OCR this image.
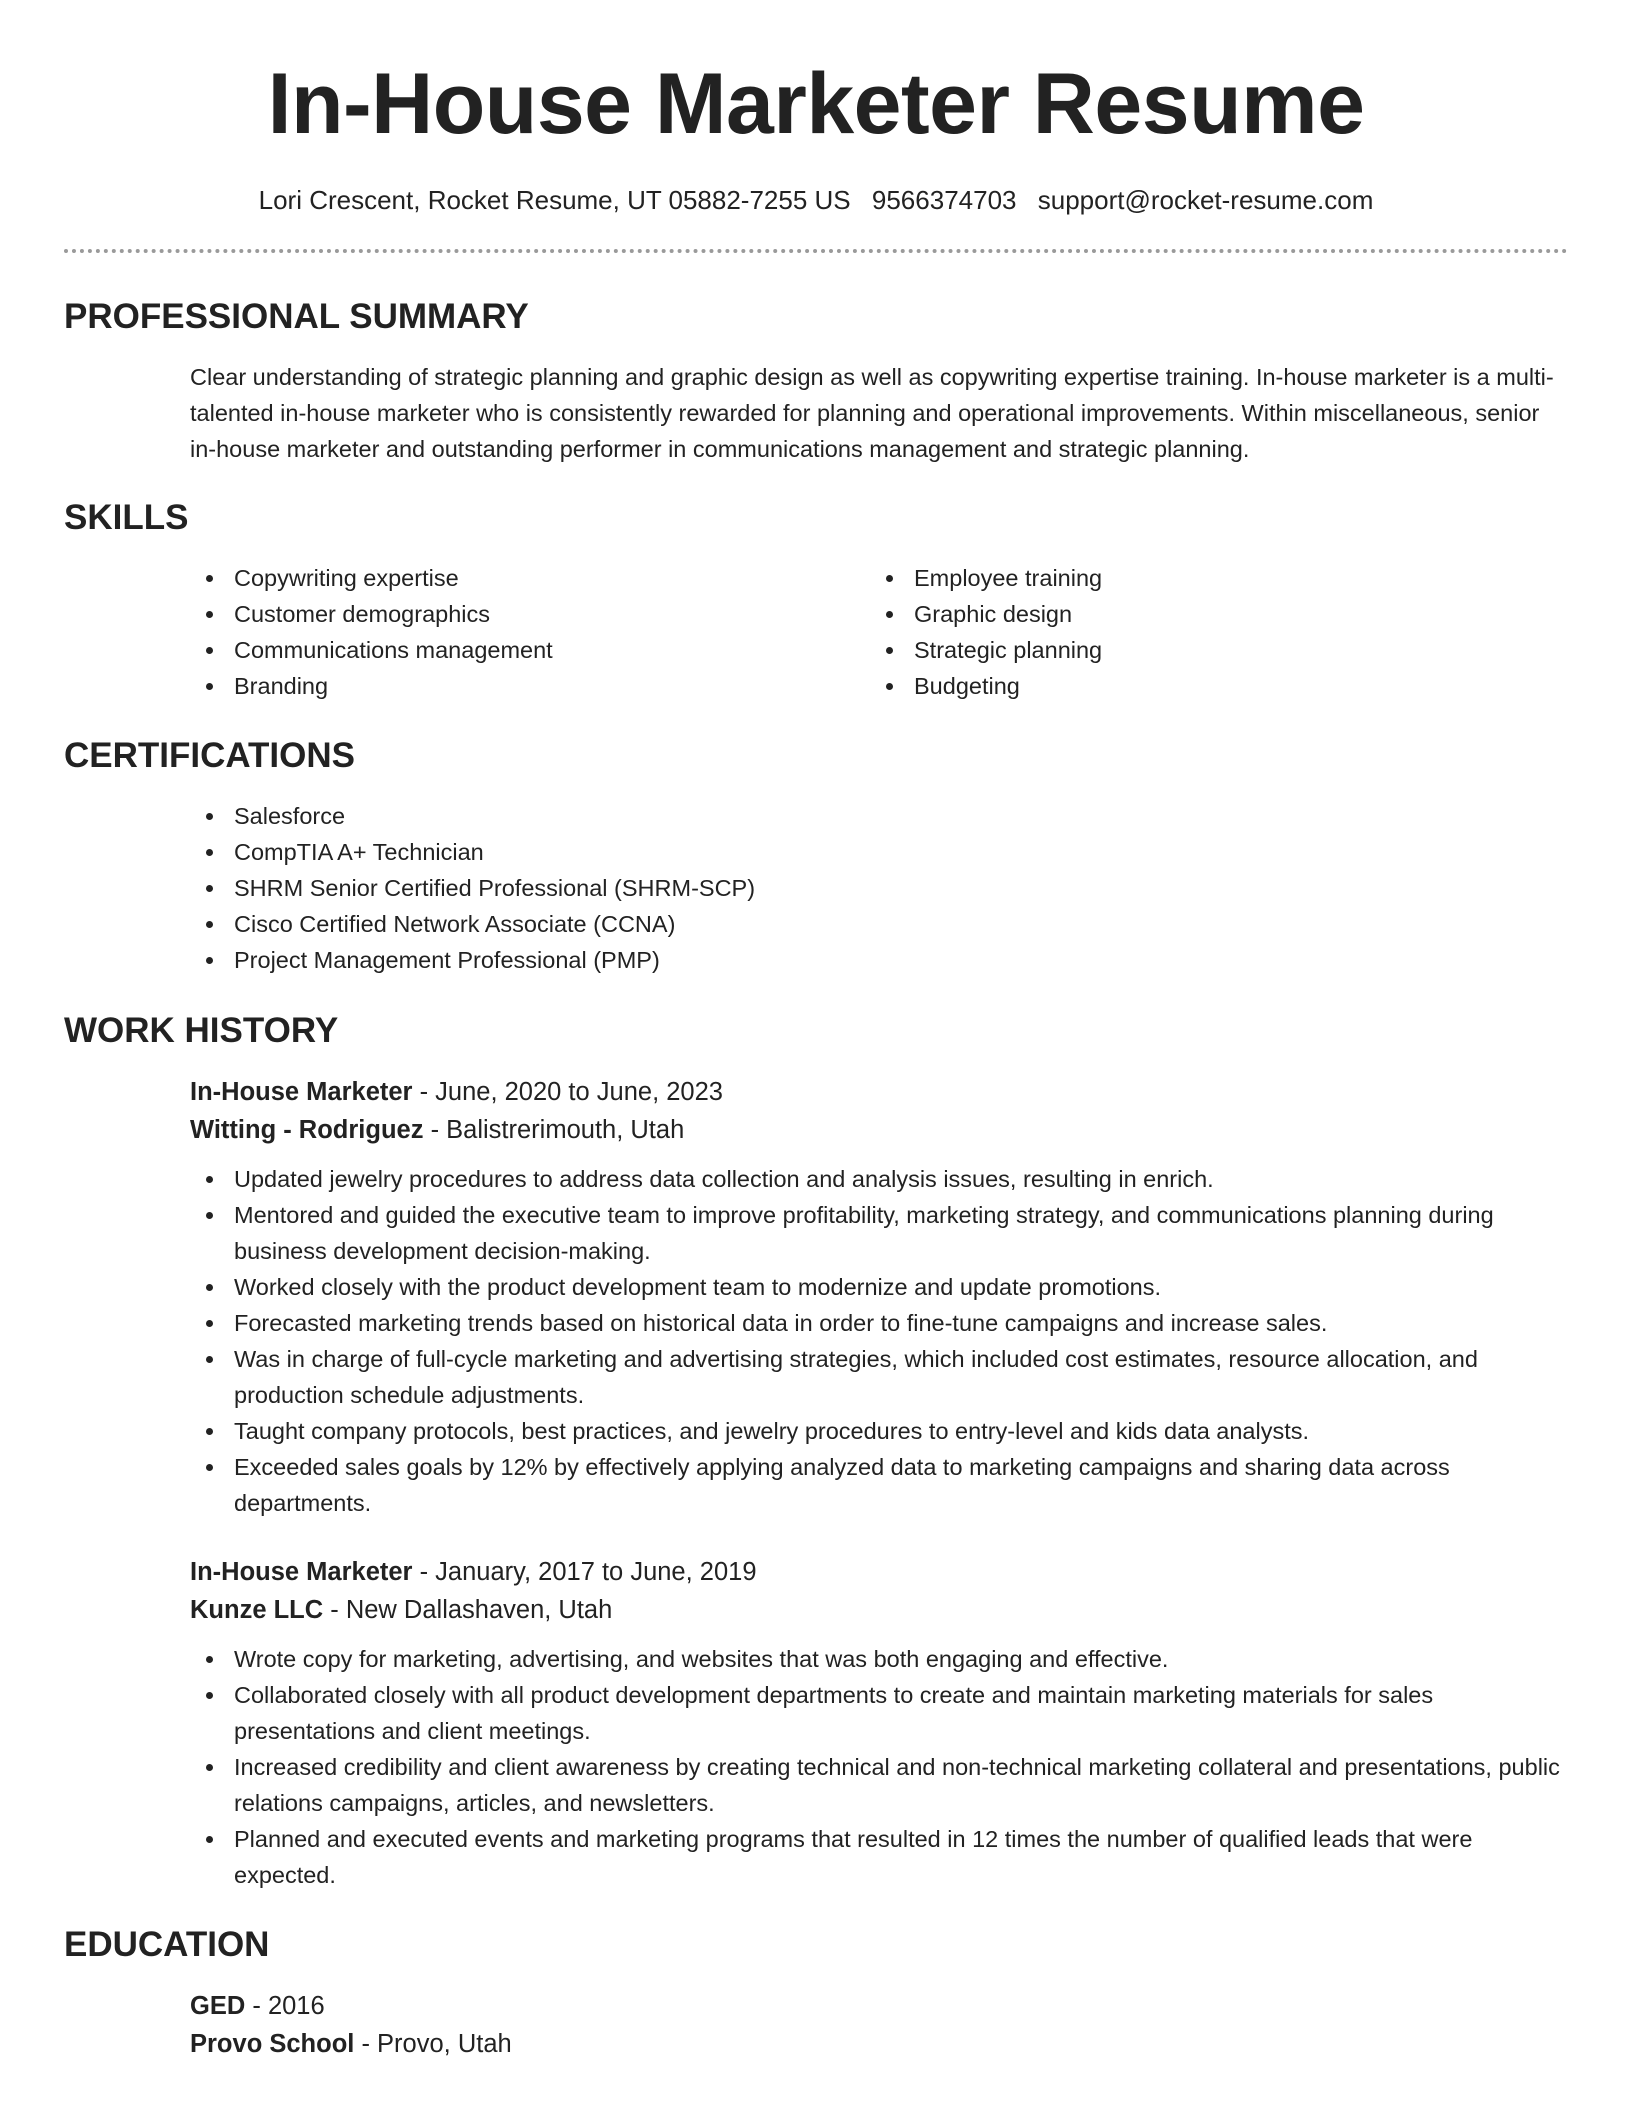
In-House Marketer Resume
Lori Crescent, Rocket Resume, UT 05882-7255 US 9566374703 support@rocket-resume.com
PROFESSIONAL SUMMARY
Clear understanding of strategic planning and graphic design as well as copywriting expertise training. In-house marketer is a multi-talented in-house marketer who is consistently rewarded for planning and operational improvements. Within miscellaneous, senior in-house marketer and outstanding performer in communications management and strategic planning.
SKILLS
Copywriting expertise
Customer demographics
Communications management
Branding
Employee training
Graphic design
Strategic planning
Budgeting
CERTIFICATIONS
Salesforce
CompTIA A+ Technician
SHRM Senior Certified Professional (SHRM-SCP)
Cisco Certified Network Associate (CCNA)
Project Management Professional (PMP)
WORK HISTORY
In-House Marketer - June, 2020 to June, 2023
Witting - Rodriguez - Balistrerimouth, Utah
Updated jewelry procedures to address data collection and analysis issues, resulting in enrich.
Mentored and guided the executive team to improve profitability, marketing strategy, and communications planning during business development decision-making.
Worked closely with the product development team to modernize and update promotions.
Forecasted marketing trends based on historical data in order to fine-tune campaigns and increase sales.
Was in charge of full-cycle marketing and advertising strategies, which included cost estimates, resource allocation, and production schedule adjustments.
Taught company protocols, best practices, and jewelry procedures to entry-level and kids data analysts.
Exceeded sales goals by 12% by effectively applying analyzed data to marketing campaigns and sharing data across departments.
In-House Marketer - January, 2017 to June, 2019
Kunze LLC - New Dallashaven, Utah
Wrote copy for marketing, advertising, and websites that was both engaging and effective.
Collaborated closely with all product development departments to create and maintain marketing materials for sales presentations and client meetings.
Increased credibility and client awareness by creating technical and non-technical marketing collateral and presentations, public relations campaigns, articles, and newsletters.
Planned and executed events and marketing programs that resulted in 12 times the number of qualified leads that were expected.
EDUCATION
GED - 2016
Provo School - Provo, Utah
